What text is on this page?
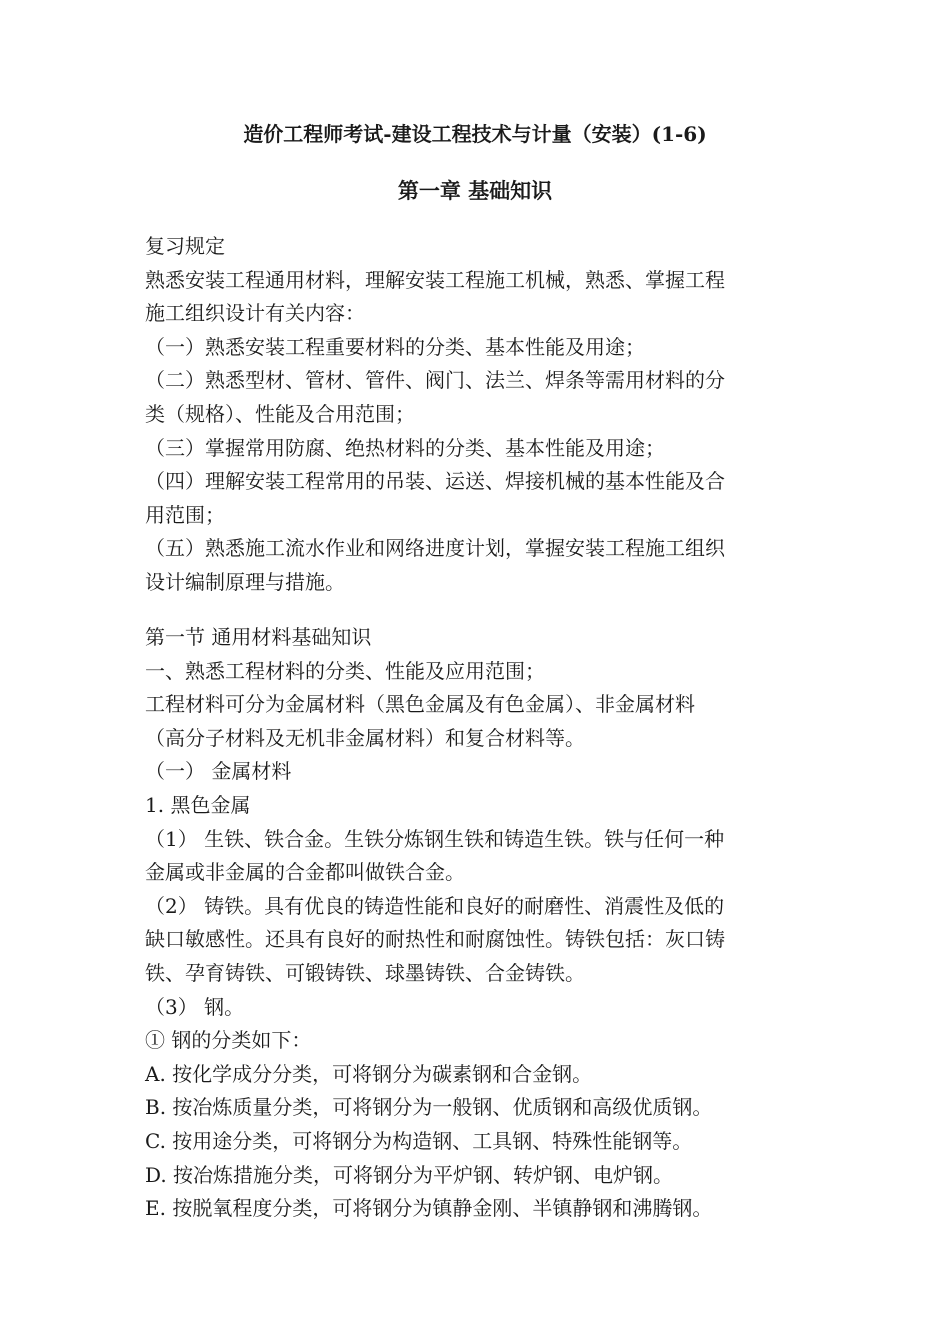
造价工程师考试-建设工程技术与计量（安装）(1-6)
第一章 基础知识
复习规定
熟悉安装工程通用材料，理解安装工程施工机械，熟悉、掌握工程
施工组织设计有关内容：
（一）熟悉安装工程重要材料的分类、基本性能及用途；
（二）熟悉型材、管材、管件、阀门、法兰、焊条等需用材料的分
类（规格）、性能及合用范围；
（三）掌握常用防腐、绝热材料的分类、基本性能及用途；
（四）理解安装工程常用的吊装、运送、焊接机械的基本性能及合
用范围；
（五）熟悉施工流水作业和网络进度计划，掌握安装工程施工组织
设计编制原理与措施。
第一节 通用材料基础知识
一、熟悉工程材料的分类、性能及应用范围；
工程材料可分为金属材料（黑色金属及有色金属）、非金属材料
（高分子材料及无机非金属材料）和复合材料等。
（一） 金属材料
1. 黑色金属
（1） 生铁、铁合金。生铁分炼钢生铁和铸造生铁。铁与任何一种
金属或非金属的合金都叫做铁合金。
（2） 铸铁。具有优良的铸造性能和良好的耐磨性、消震性及低的
缺口敏感性。还具有良好的耐热性和耐腐蚀性。铸铁包括：灰口铸
铁、孕育铸铁、可锻铸铁、球墨铸铁、合金铸铁。
（3） 钢。
① 钢的分类如下：
A. 按化学成分分类，可将钢分为碳素钢和合金钢。
B. 按冶炼质量分类，可将钢分为一般钢、优质钢和高级优质钢。
C. 按用途分类，可将钢分为构造钢、工具钢、特殊性能钢等。
D. 按冶炼措施分类，可将钢分为平炉钢、转炉钢、电炉钢。
E. 按脱氧程度分类，可将钢分为镇静金刚、半镇静钢和沸腾钢。
